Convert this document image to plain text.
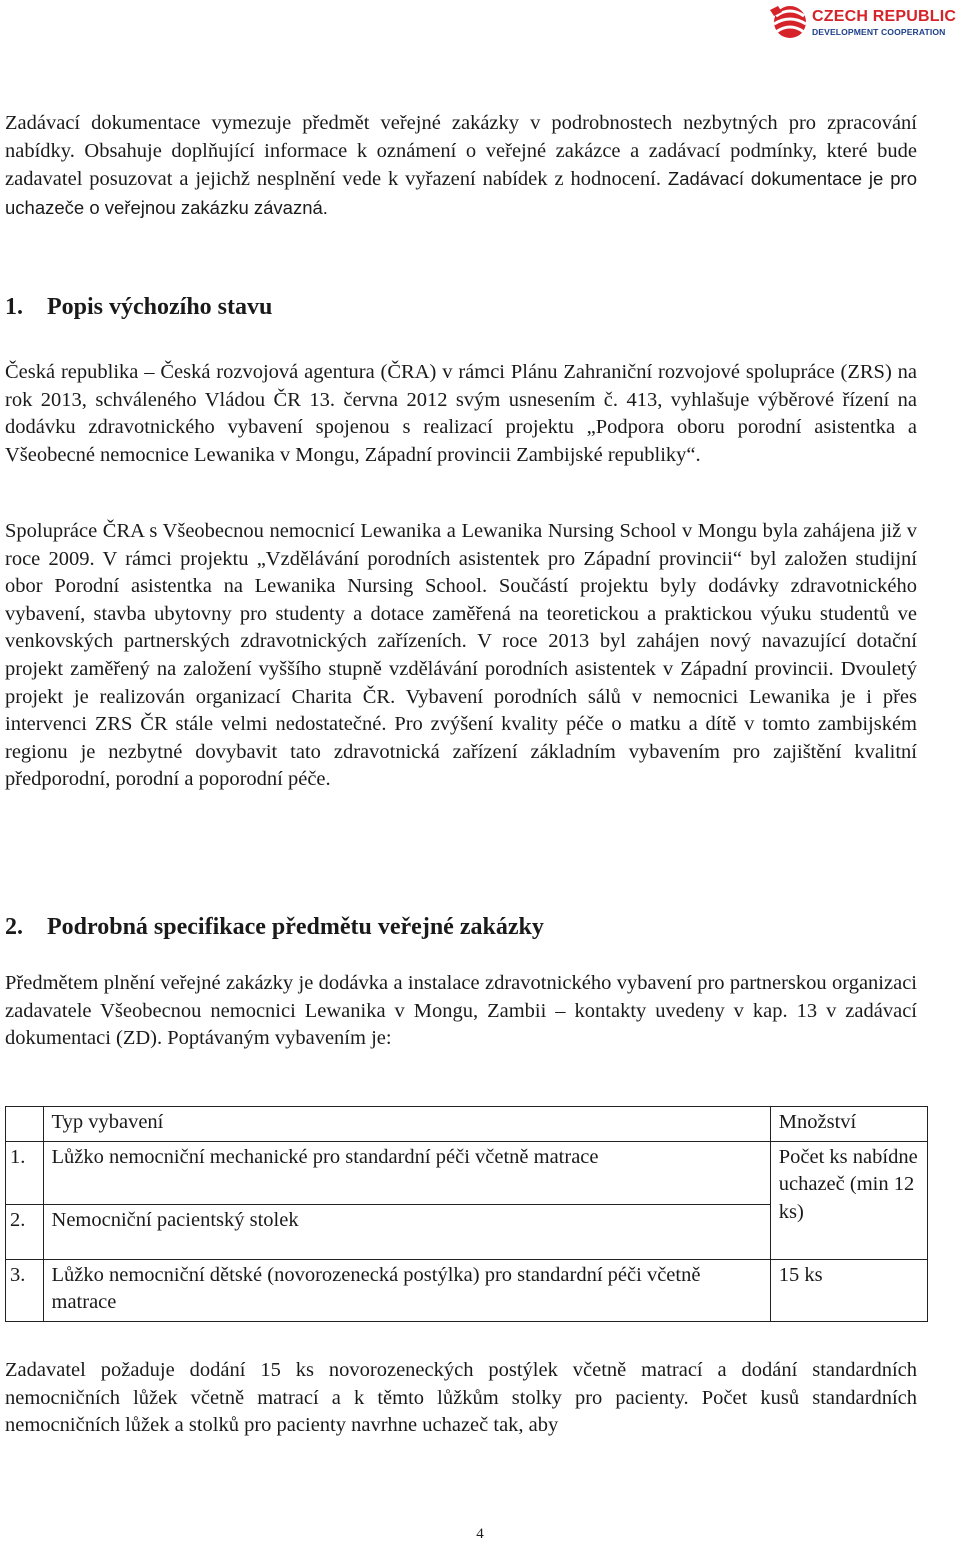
CZECH REPUBLIC
DEVELOPMENT COOPERATION
Zadávací dokumentace vymezuje předmět veřejné zakázky v podrobnostech nezbytných pro zpracování nabídky. Obsahuje doplňující informace k oznámení o veřejné zakázce a zadávací podmínky, které bude zadavatel posuzovat a jejichž nesplnění vede k vyřazení nabídek z hodnocení. Zadávací dokumentace je pro uchazeče o veřejnou zakázku závazná.
1. Popis výchozího stavu
Česká republika – Česká rozvojová agentura (ČRA) v rámci Plánu Zahraniční rozvojové spolupráce (ZRS) na rok 2013, schváleného Vládou ČR 13. června 2012 svým usnesením č. 413, vyhlašuje výběrové řízení na dodávku zdravotnického vybavení spojenou s realizací projektu „Podpora oboru porodní asistentka a Všeobecné nemocnice Lewanika v Mongu, Západní provincii Zambijské republiky“.
Spolupráce ČRA s Všeobecnou nemocnicí Lewanika a Lewanika Nursing School v Mongu byla zahájena již v roce 2009. V rámci projektu „Vzdělávání porodních asistentek pro Západní provincii“ byl založen studijní obor Porodní asistentka na Lewanika Nursing School. Součástí projektu byly dodávky zdravotnického vybavení, stavba ubytovny pro studenty a dotace zaměřená na teoretickou a praktickou výuku studentů ve venkovských partnerských zdravotnických zařízeních. V roce 2013 byl zahájen nový navazující dotační projekt zaměřený na založení vyššího stupně vzdělávání porodních asistentek v Západní provincii. Dvouletý projekt je realizován organizací Charita ČR. Vybavení porodních sálů v nemocnici Lewanika je i přes intervenci ZRS ČR stále velmi nedostatečné. Pro zvýšení kvality péče o matku a dítě v tomto zambijském regionu je nezbytné dovybavit tato zdravotnická zařízení základním vybavením pro zajištění kvalitní předporodní, porodní a poporodní péče.
2. Podrobná specifikace předmětu veřejné zakázky
Předmětem plnění veřejné zakázky je dodávka a instalace zdravotnického vybavení pro partnerskou organizaci zadavatele Všeobecnou nemocnici Lewanika v Mongu, Zambii – kontakty uvedeny v kap. 13 v zadávací dokumentaci (ZD). Poptávaným vybavením je:
	Typ vybavení	Množství
1.	Lůžko nemocniční mechanické pro standardní péči včetně matrace	Počet ks nabídne uchazeč (min 12 ks)
2.	Nemocniční pacientský stolek	
3.	Lůžko nemocniční dětské (novorozenecká postýlka) pro standardní péči včetně matrace	15 ks
Zadavatel požaduje dodání 15 ks novorozeneckých postýlek včetně matrací a dodání standardních nemocničních lůžek včetně matrací a k těmto lůžkům stolky pro pacienty. Počet kusů standardních nemocničních lůžek a stolků pro pacienty navrhne uchazeč tak, aby
4
